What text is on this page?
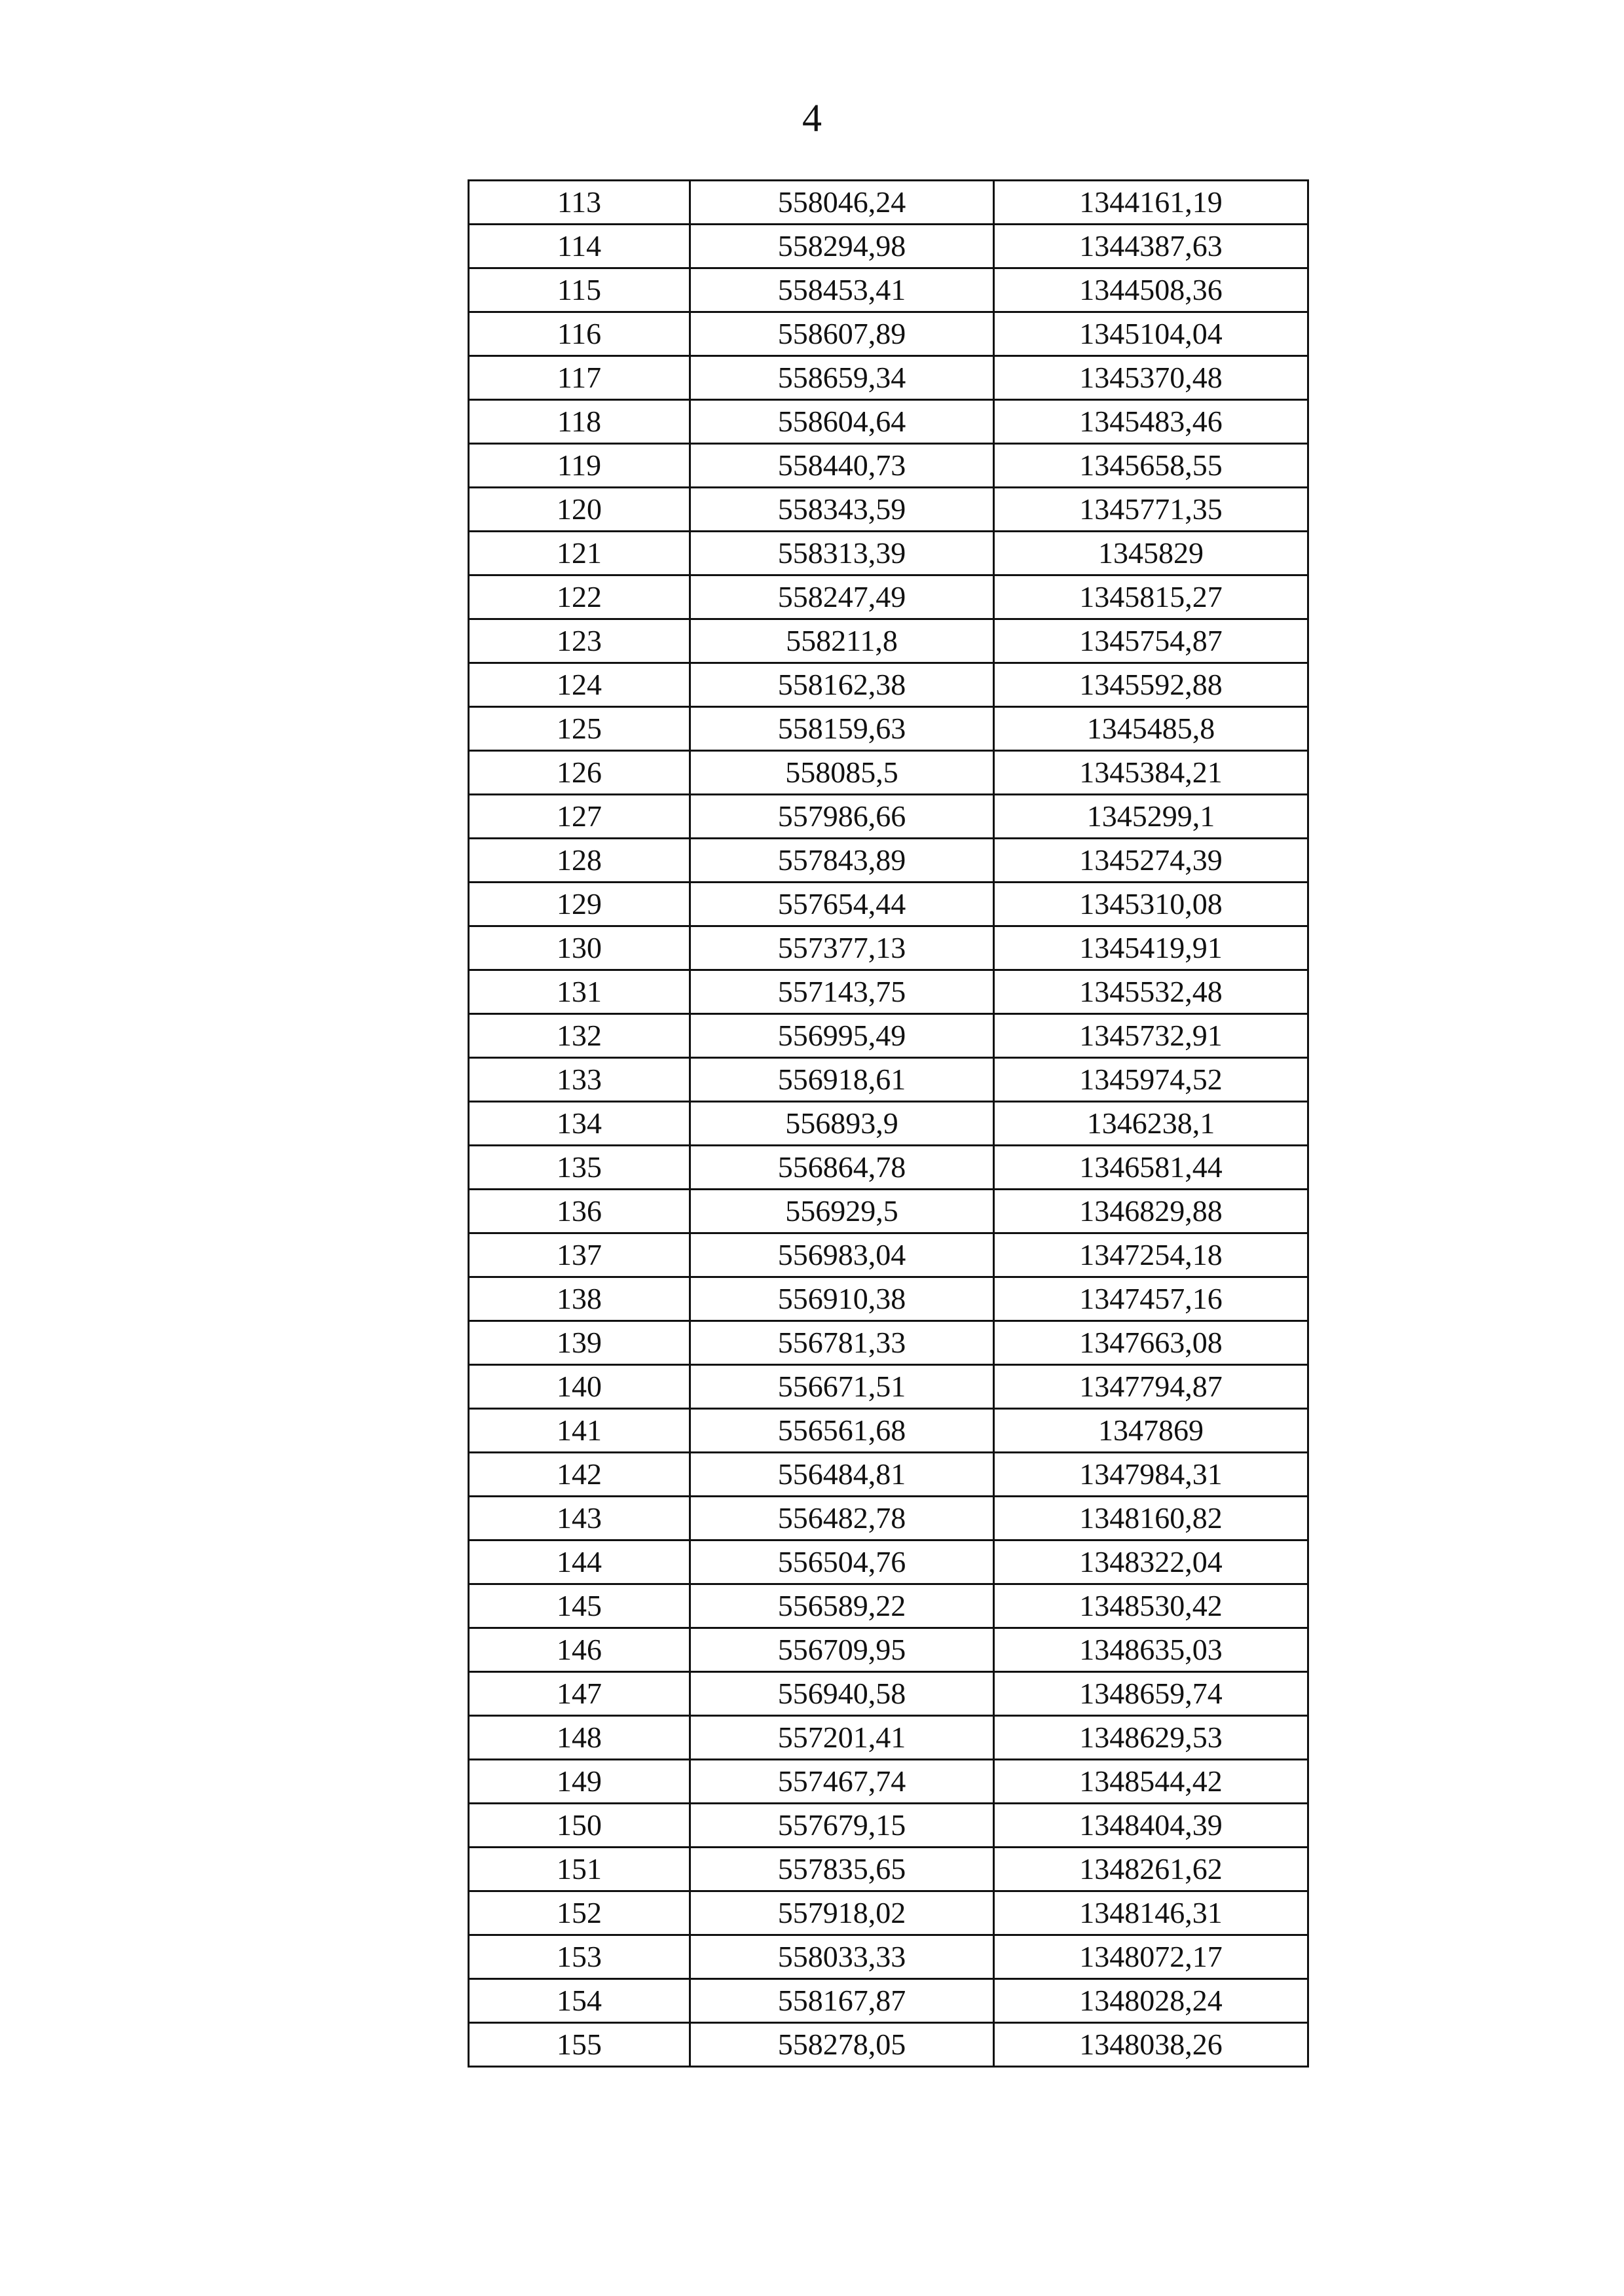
4
113	558046,24	1344161,19
114	558294,98	1344387,63
115	558453,41	1344508,36
116	558607,89	1345104,04
117	558659,34	1345370,48
118	558604,64	1345483,46
119	558440,73	1345658,55
120	558343,59	1345771,35
121	558313,39	1345829
122	558247,49	1345815,27
123	558211,8	1345754,87
124	558162,38	1345592,88
125	558159,63	1345485,8
126	558085,5	1345384,21
127	557986,66	1345299,1
128	557843,89	1345274,39
129	557654,44	1345310,08
130	557377,13	1345419,91
131	557143,75	1345532,48
132	556995,49	1345732,91
133	556918,61	1345974,52
134	556893,9	1346238,1
135	556864,78	1346581,44
136	556929,5	1346829,88
137	556983,04	1347254,18
138	556910,38	1347457,16
139	556781,33	1347663,08
140	556671,51	1347794,87
141	556561,68	1347869
142	556484,81	1347984,31
143	556482,78	1348160,82
144	556504,76	1348322,04
145	556589,22	1348530,42
146	556709,95	1348635,03
147	556940,58	1348659,74
148	557201,41	1348629,53
149	557467,74	1348544,42
150	557679,15	1348404,39
151	557835,65	1348261,62
152	557918,02	1348146,31
153	558033,33	1348072,17
154	558167,87	1348028,24
155	558278,05	1348038,26
